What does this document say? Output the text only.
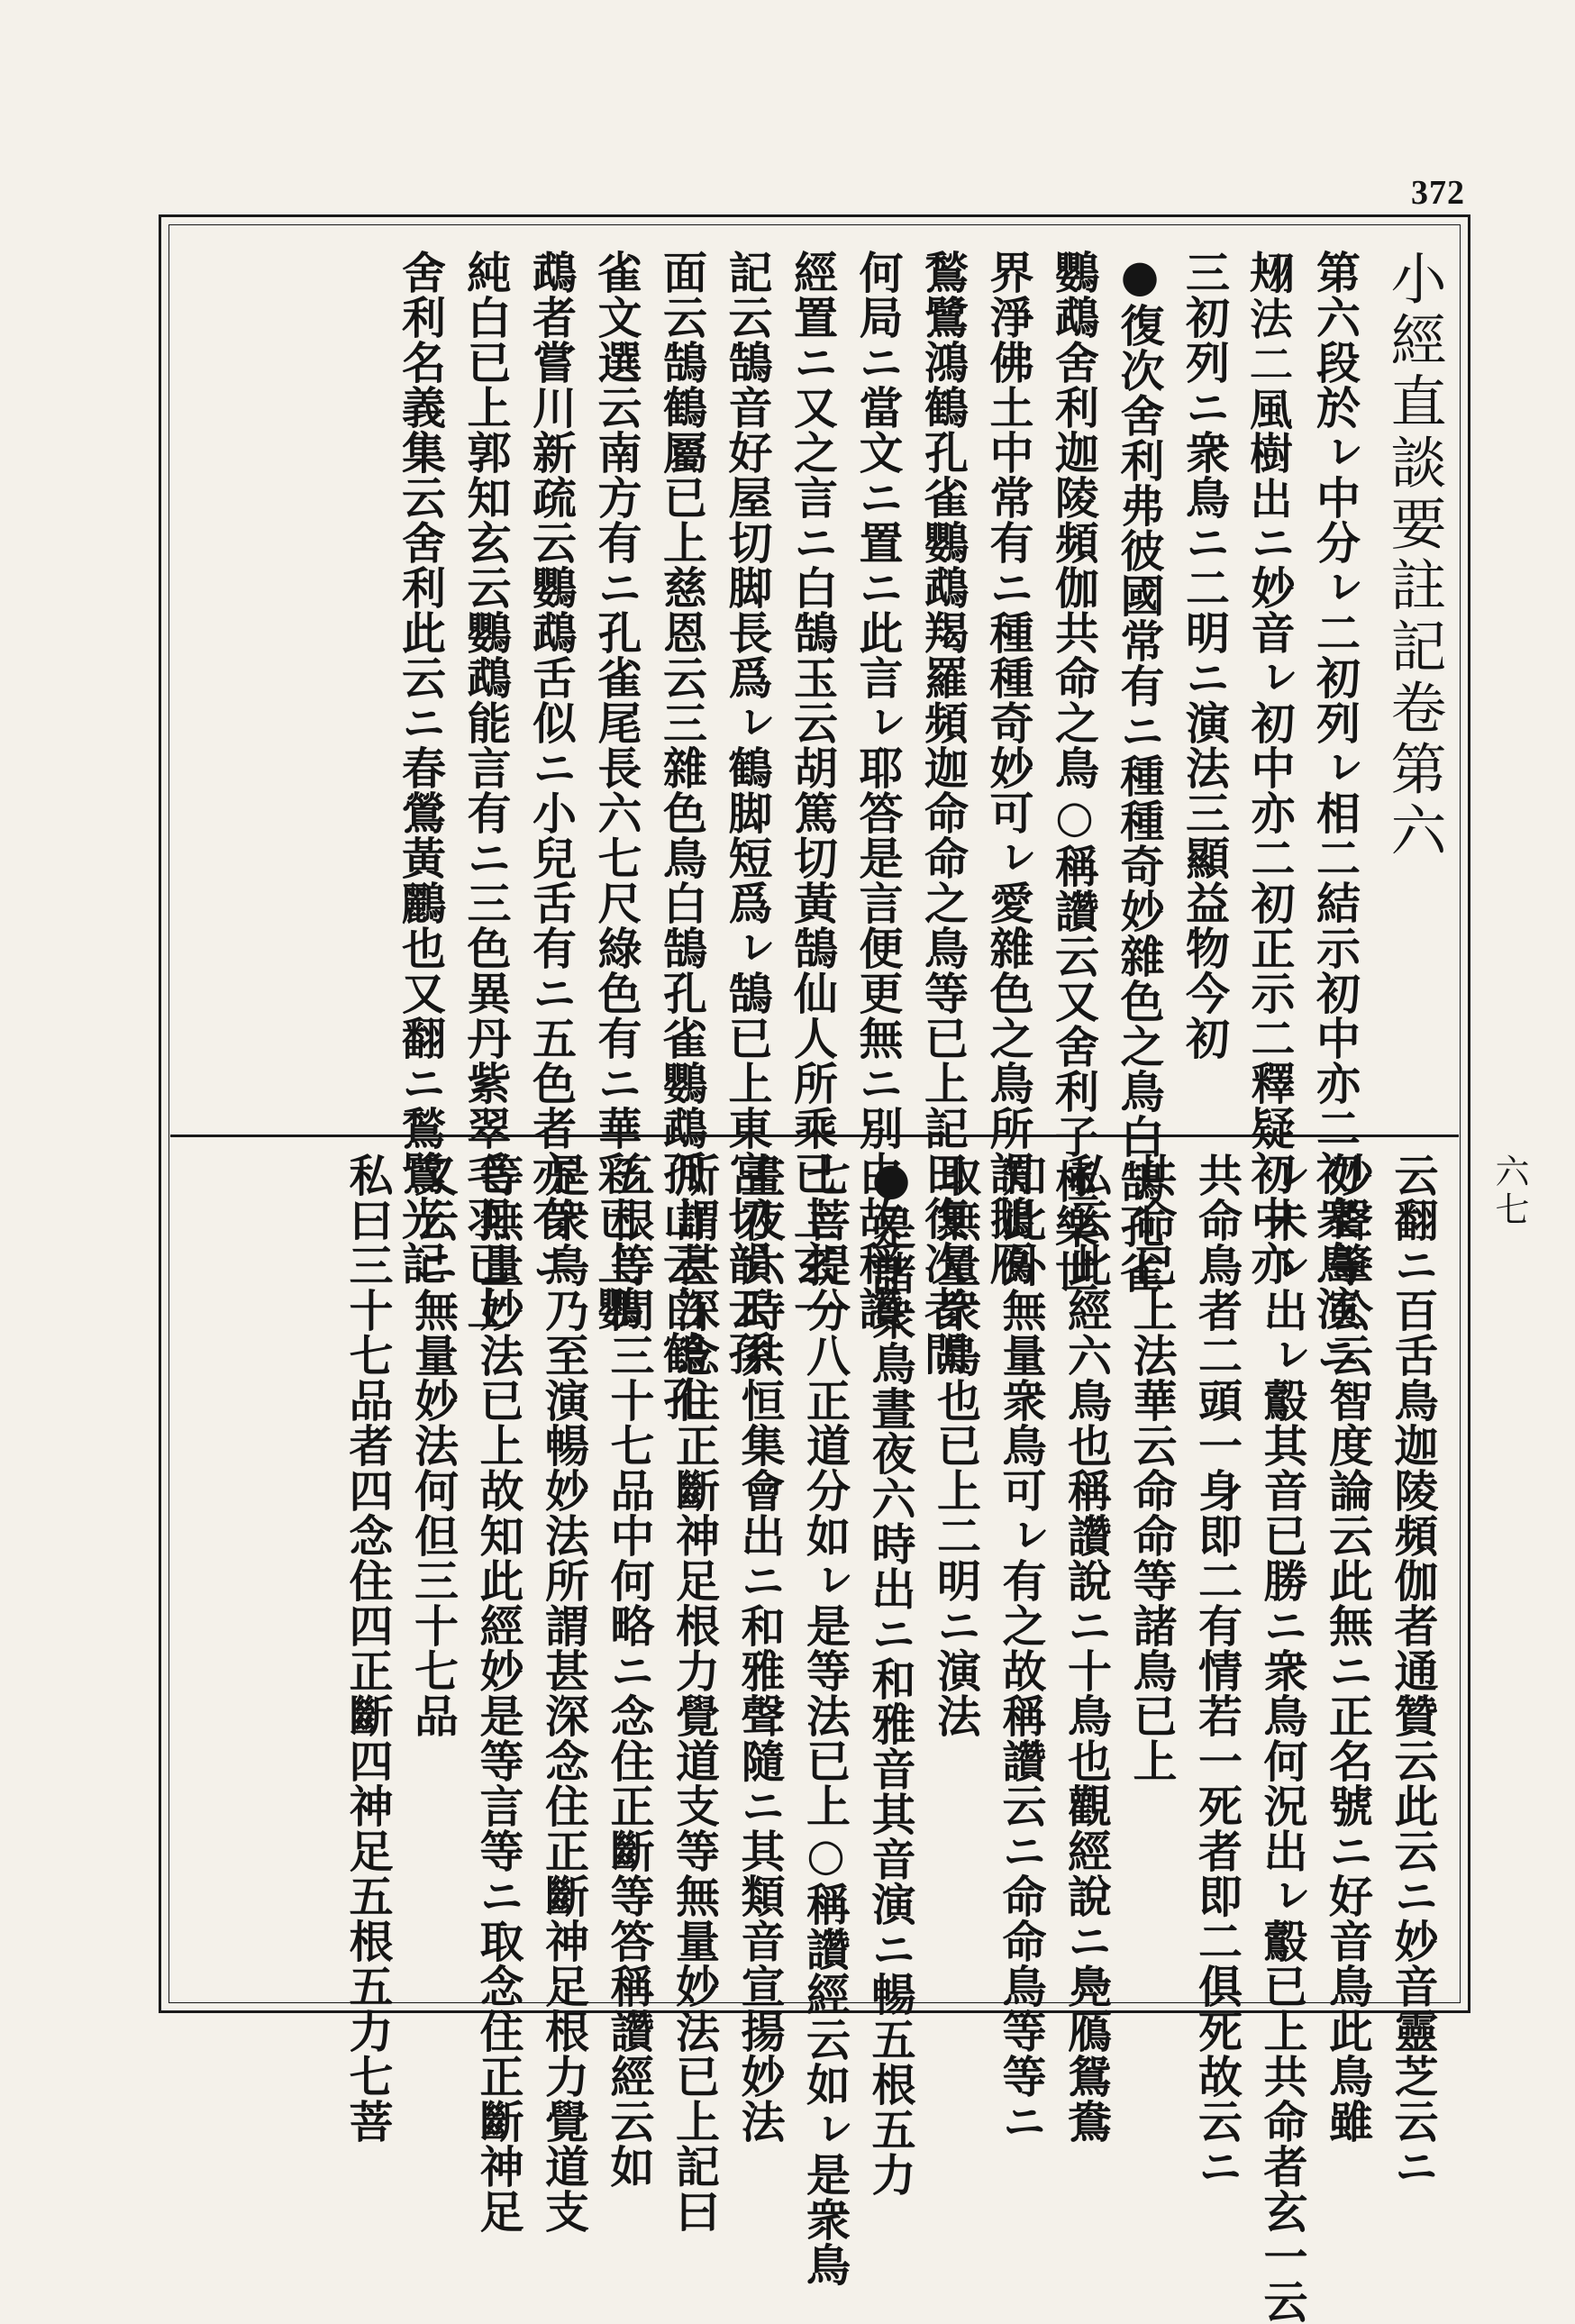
372
小經直談要註記卷第六
第六段於ㇾ中分ㇾ二初列ㇾ相二結示初中亦二初衆鳥演ニ
𦐋法二風樹出ニ妙音ㇾ初中亦二初正示二釋疑初中亦
三初列ニ衆鳥ニ二明ニ演法三顯益物今初
●復次舍利弗彼國常有ニ種種奇妙雜色之鳥白鵠孔雀
鸚鵡舍利迦陵頻伽共命之鳥○稱讚云又舍利子極樂世
界淨佛土中常有ニ種種奇妙可ㇾ愛雜色之鳥所謂鵝鴈
鶖鷺鴻鶴孔雀鸚鵡羯羅頻迦命命之鳥等已上記曰復次者問
何局ニ當文ニ置ニ此言ㇾ耶答是言便更無ニ別由故稱讚
經置ニ又之言ニ白鵠玉云胡篤切黃鵠仙人所乘已上玄一
記云鵠音好屋切脚長爲ㇾ鶴脚短爲ㇾ鵠已上東宮切韻云孫
面云鵠鶴屬已上慈恩云三雜色鳥白鵠孔雀鸚鵡孤山云白鶴孔
雀文選云南方有ニ孔雀尾長六七尺綠色有ニ華彩已上鸚
鵡者嘗川新疏云鸚鵡舌似ニ小兒舌有ニ五色者亦有ニ
純白已上郭知玄云鸚鵡能言有ニ三色異丹紫翠毛羽已上
舍利名義集云舍利此云ニ春鶯黃鸝也又翻ニ鶖鷺光記
云翻ニ百舌鳥迦陵頻伽者通贊云此云ニ妙音靈芝云ニ
妙聲肇公云智度論云此無ニ正名號ニ好音鳥此鳥雖
ㇾ未ㇾ出ㇾ鷇其音已勝ニ衆鳥何況出ㇾ鷇已上共命者玄一云
共命鳥者二頭一身即二有情若一死者即二俱死故云ニ
共命已上法華云命命等諸鳥已上
私云此經六鳥也稱讚說ニ十鳥也觀經說ニ鳧鴈鴛鴦
知此外無量衆鳥可ㇾ有之故稱讚云ニ命命鳥等等ニ
取無量衆鳥也已上二明ニ演法
●是諸衆鳥晝夜六時出ニ和雅音其音演ニ暢五根五力
七菩提分八正道分如ㇾ是等法已上○稱讚經云如ㇾ是衆鳥
晝夜六時共恒集會出ニ和雅聲隨ニ其類音宣揚妙法
所謂甚深念住正斷神足根力覺道支等無量妙法已上記曰
五根等問三十七品中何略ニ念住正斷等答稱讚經云如
是衆鳥乃至演暢妙法所謂甚深念住正斷神足根力覺道支
等無量妙法已上故知此經妙是等言等ニ取念住正斷神足
又云ニ無量妙法何但三十七品
私曰三十七品者四念住四正斷四神足五根五力七菩	六七
